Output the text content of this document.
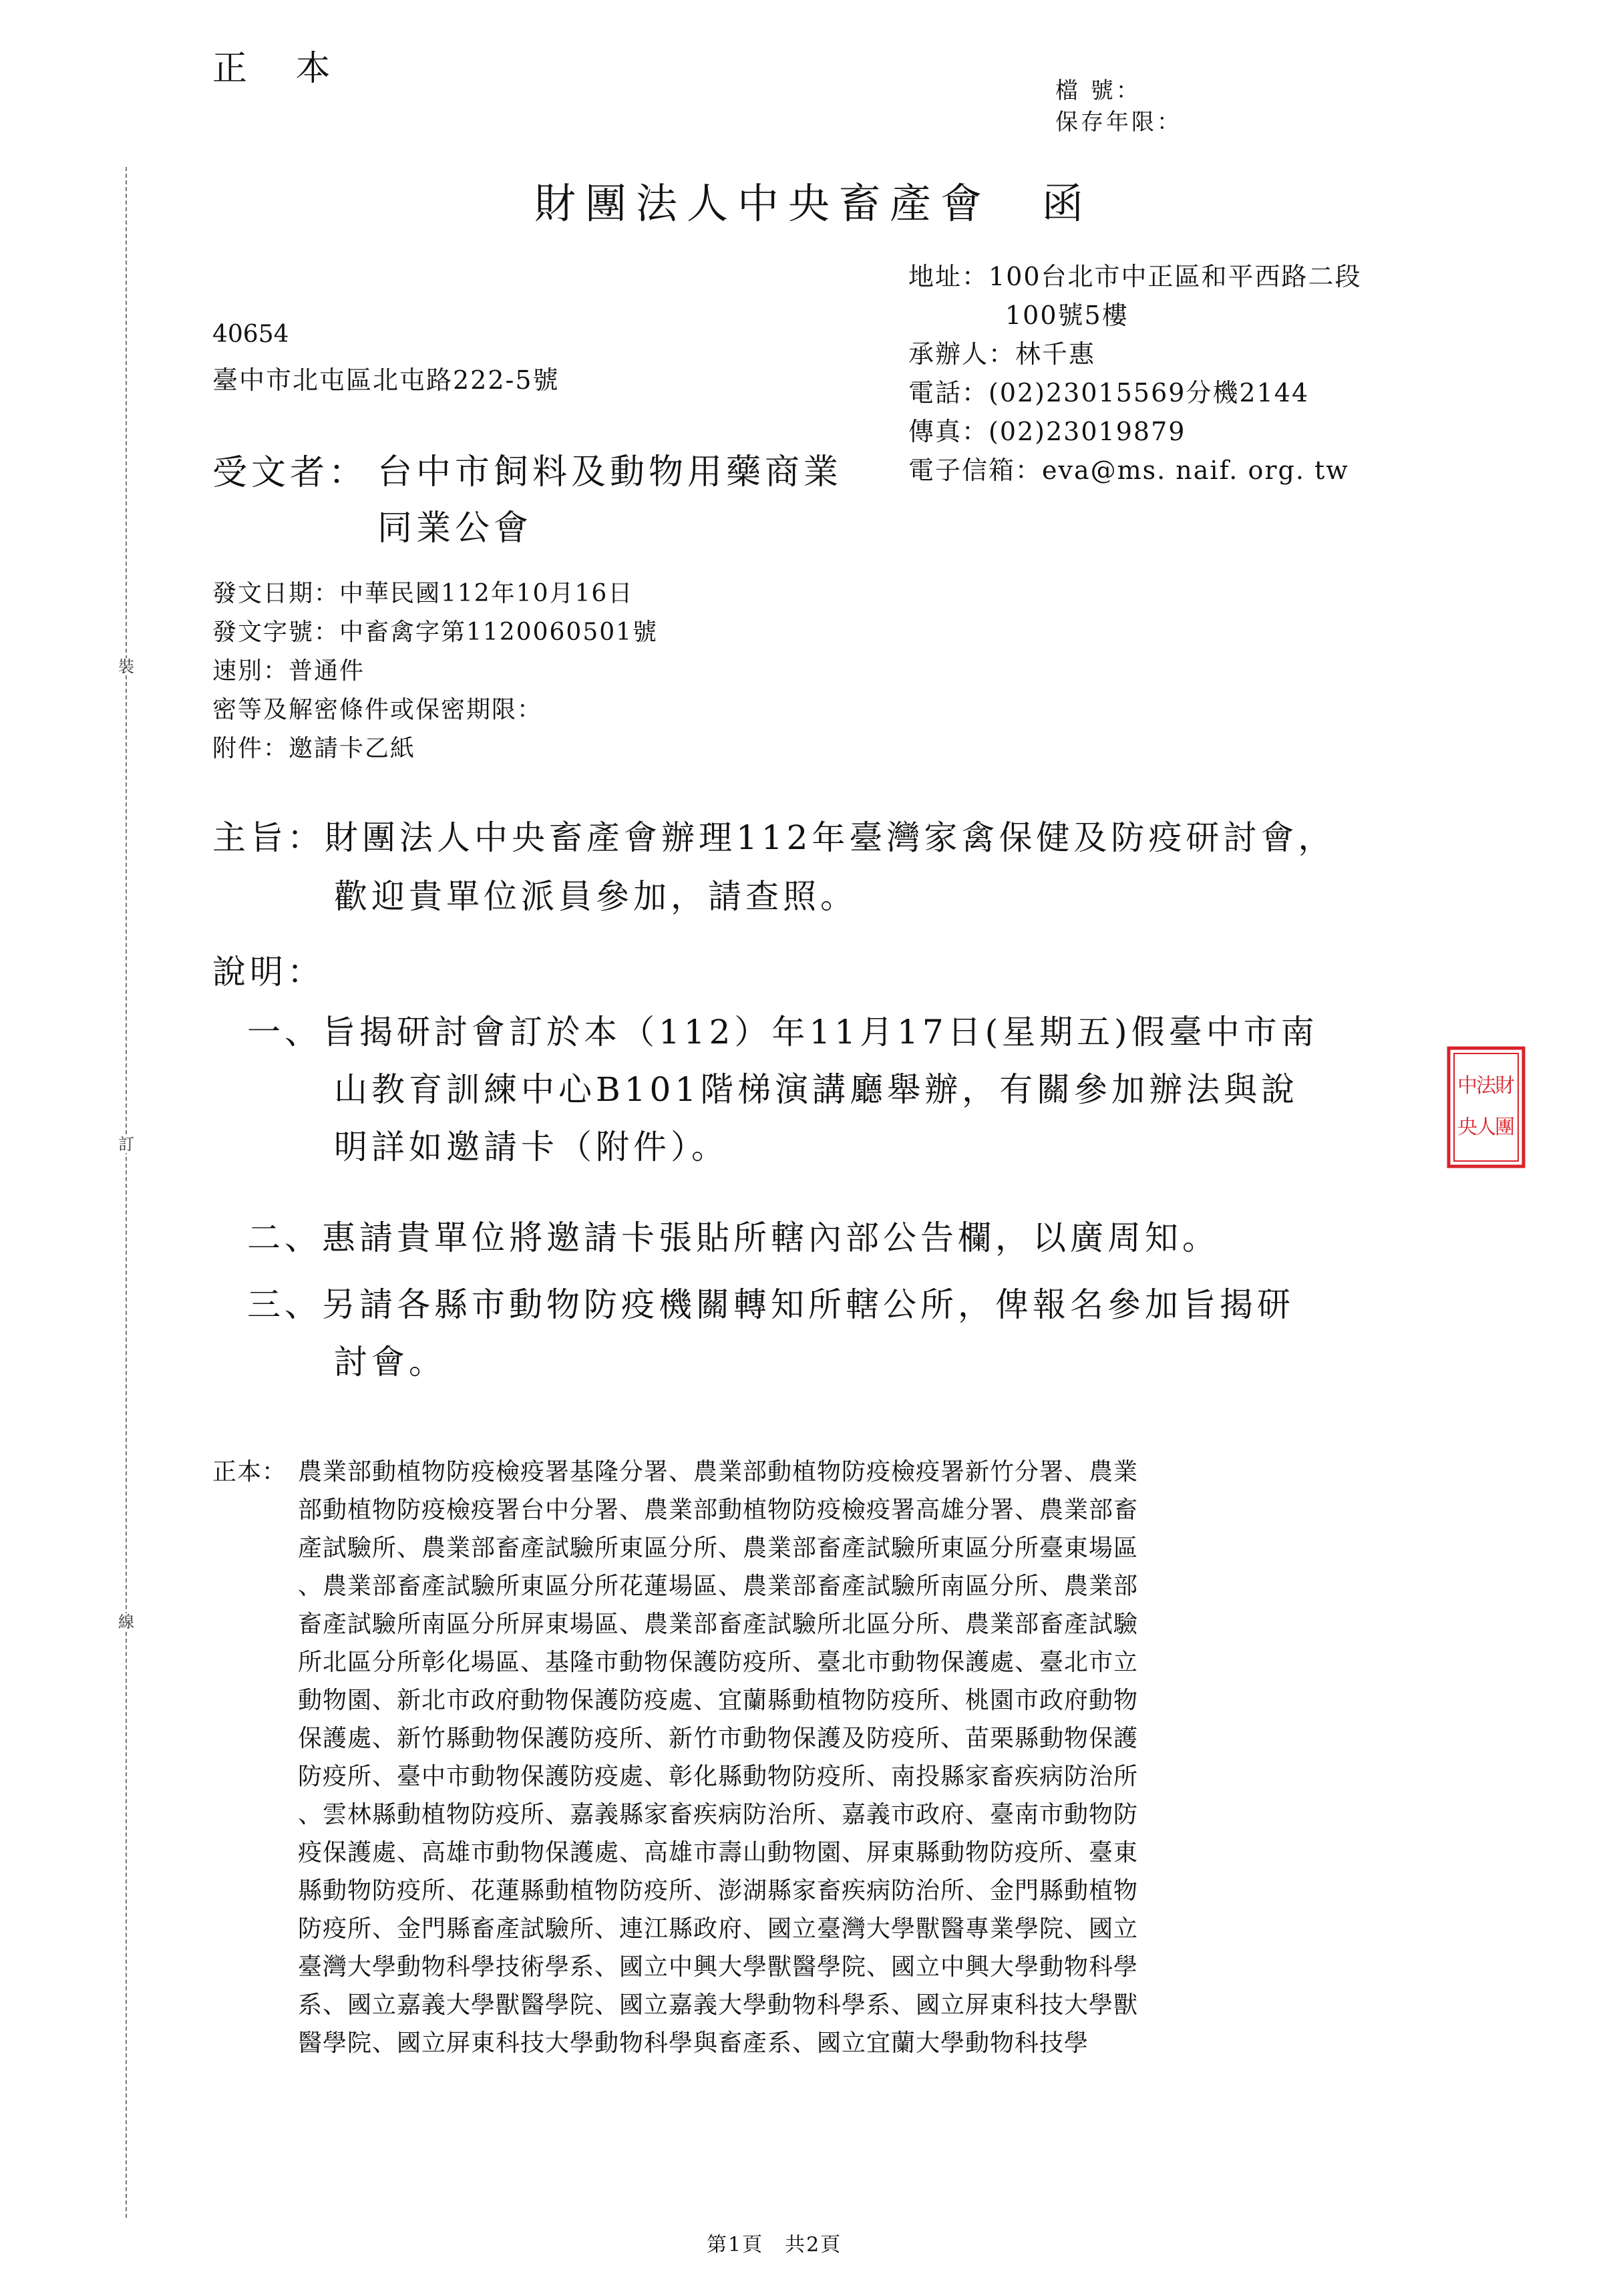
裝
訂
線
正 本
檔 號：
保存年限：
財團法人中央畜產會　函
地址：100台北市中正區和平西路二段
100號5樓
承辦人：林千惠
電話：(02)23015569分機2144
傳真：(02)23019879
電子信箱：eva@ms. naif. org. tw
40654
臺中市北屯區北屯路222-5號
受文者： 台中市飼料及動物用藥商業
同業公會
發文日期：中華民國112年10月16日
發文字號：中畜禽字第1120060501號
速別：普通件
密等及解密條件或保密期限：
附件：邀請卡乙紙
主旨：財團法人中央畜產會辦理112年臺灣家禽保健及防疫研討會，
歡迎貴單位派員參加，請查照。
說明：
一、旨揭研討會訂於本（112）年11月17日(星期五)假臺中市南
山教育訓練中心B101階梯演講廳舉辦，有關參加辦法與說
明詳如邀請卡（附件）。
二、惠請貴單位將邀請卡張貼所轄內部公告欄，以廣周知。
三、另請各縣市動物防疫機關轉知所轄公所，俾報名參加旨揭研
討會。
財
團
法
人
中
央
正本： 農業部動植物防疫檢疫署基隆分署、農業部動植物防疫檢疫署新竹分署、農業
部動植物防疫檢疫署台中分署、農業部動植物防疫檢疫署高雄分署、農業部畜
產試驗所、農業部畜產試驗所東區分所、農業部畜產試驗所東區分所臺東場區
、農業部畜產試驗所東區分所花蓮場區、農業部畜產試驗所南區分所、農業部
畜產試驗所南區分所屏東場區、農業部畜產試驗所北區分所、農業部畜產試驗
所北區分所彰化場區、基隆市動物保護防疫所、臺北市動物保護處、臺北市立
動物園、新北市政府動物保護防疫處、宜蘭縣動植物防疫所、桃園市政府動物
保護處、新竹縣動物保護防疫所、新竹市動物保護及防疫所、苗栗縣動物保護
防疫所、臺中市動物保護防疫處、彰化縣動物防疫所、南投縣家畜疾病防治所
、雲林縣動植物防疫所、嘉義縣家畜疾病防治所、嘉義市政府、臺南市動物防
疫保護處、高雄市動物保護處、高雄市壽山動物園、屏東縣動物防疫所、臺東
縣動物防疫所、花蓮縣動植物防疫所、澎湖縣家畜疾病防治所、金門縣動植物
防疫所、金門縣畜產試驗所、連江縣政府、國立臺灣大學獸醫專業學院、國立
臺灣大學動物科學技術學系、國立中興大學獸醫學院、國立中興大學動物科學
系、國立嘉義大學獸醫學院、國立嘉義大學動物科學系、國立屏東科技大學獸
醫學院、國立屏東科技大學動物科學與畜產系、國立宜蘭大學動物科技學
第1頁　共2頁
